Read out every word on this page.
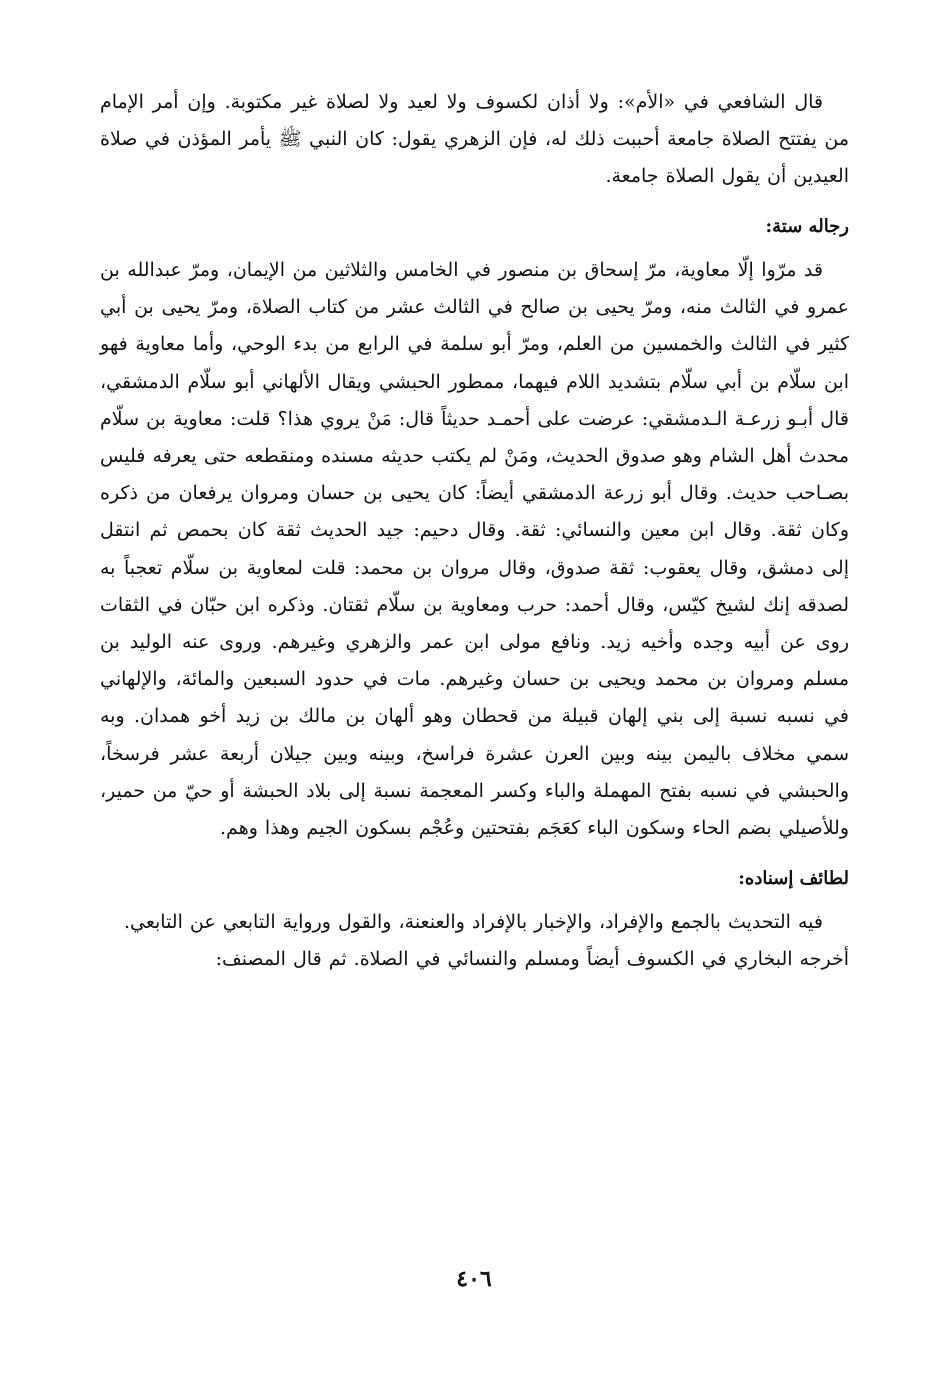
قال الشافعي في «الأم»: ولا أذان لكسوف ولا لعيد ولا لصلاة غير مكتوبة. وإن أمر الإمام من يفتتح الصلاة جامعة أحببت ذلك له، فإن الزهري يقول: كان النبي ﷺ يأمر المؤذن في صلاة العيدين أن يقول الصلاة جامعة.

رجاله ستة:

قد مرّوا إلّا معاوية، مرّ إسحاق بن منصور في الخامس والثلاثين من الإيمان، ومرّ عبدالله بن عمرو في الثالث منه، ومرّ يحيى بن صالح في الثالث عشر من كتاب الصلاة، ومرّ يحيى بن أبي كثير في الثالث والخمسين من العلم، ومرّ أبو سلمة في الرابع من بدء الوحي، وأما معاوية فهو ابن سلّام بن أبي سلّام بتشديد اللام فيهما، ممطور الحبشي ويقال الألهاني أبو سلّام الدمشقي، قال أبـو زرعـة الـدمشقي: عرضت على أحمـد حديثاً قال: مَنْ يروي هذا؟ قلت: معاوية بن سلّام محدث أهل الشام وهو صدوق الحديث، ومَنْ لم يكتب حديثه مسنده ومنقطعه حتى يعرفه فليس بصـاحب حديث. وقال أبو زرعة الدمشقي أيضاً: كان يحيى بن حسان ومروان يرفعان من ذكره وكان ثقة. وقال ابن معين والنسائي: ثقة. وقال دحيم: جيد الحديث ثقة كان بحمص ثم انتقل إلى دمشق، وقال يعقوب: ثقة صدوق، وقال مروان بن محمد: قلت لمعاوية بن سلّام تعجباً به لصدقه إنك لشيخ كيّس، وقال أحمد: حرب ومعاوية بن سلّام ثقتان. وذكره ابن حبّان في الثقات روى عن أبيه وجده وأخيه زيد. ونافع مولى ابن عمر والزهري وغيرهم. وروى عنه الوليد بن مسلم ومروان بن محمد ويحيى بن حسان وغيرهم. مات في حدود السبعين والمائة، والإلهاني في نسبه نسبة إلى بني إلهان قبيلة من قحطان وهو ألهان بن مالك بن زيد أخو همدان. وبه سمي مخلاف باليمن بينه وبين العرن عشرة فراسخ، وبينه وبين جيلان أربعة عشر فرسخاً، والحبشي في نسبه بفتح المهملة والباء وكسر المعجمة نسبة إلى بلاد الحبشة أو حيّ من حمير، وللأصيلي بضم الحاء وسكون الباء كعَجَم بفتحتين وعُجْم بسكون الجيم وهذا وهم.

لطائف إسناده:

فيه التحديث بالجمع والإفراد، والإخبار بالإفراد والعنعنة، والقول ورواية التابعي عن التابعي.

أخرجه البخاري في الكسوف أيضاً ومسلم والنسائي في الصلاة. ثم قال المصنف:

٤٠٦
